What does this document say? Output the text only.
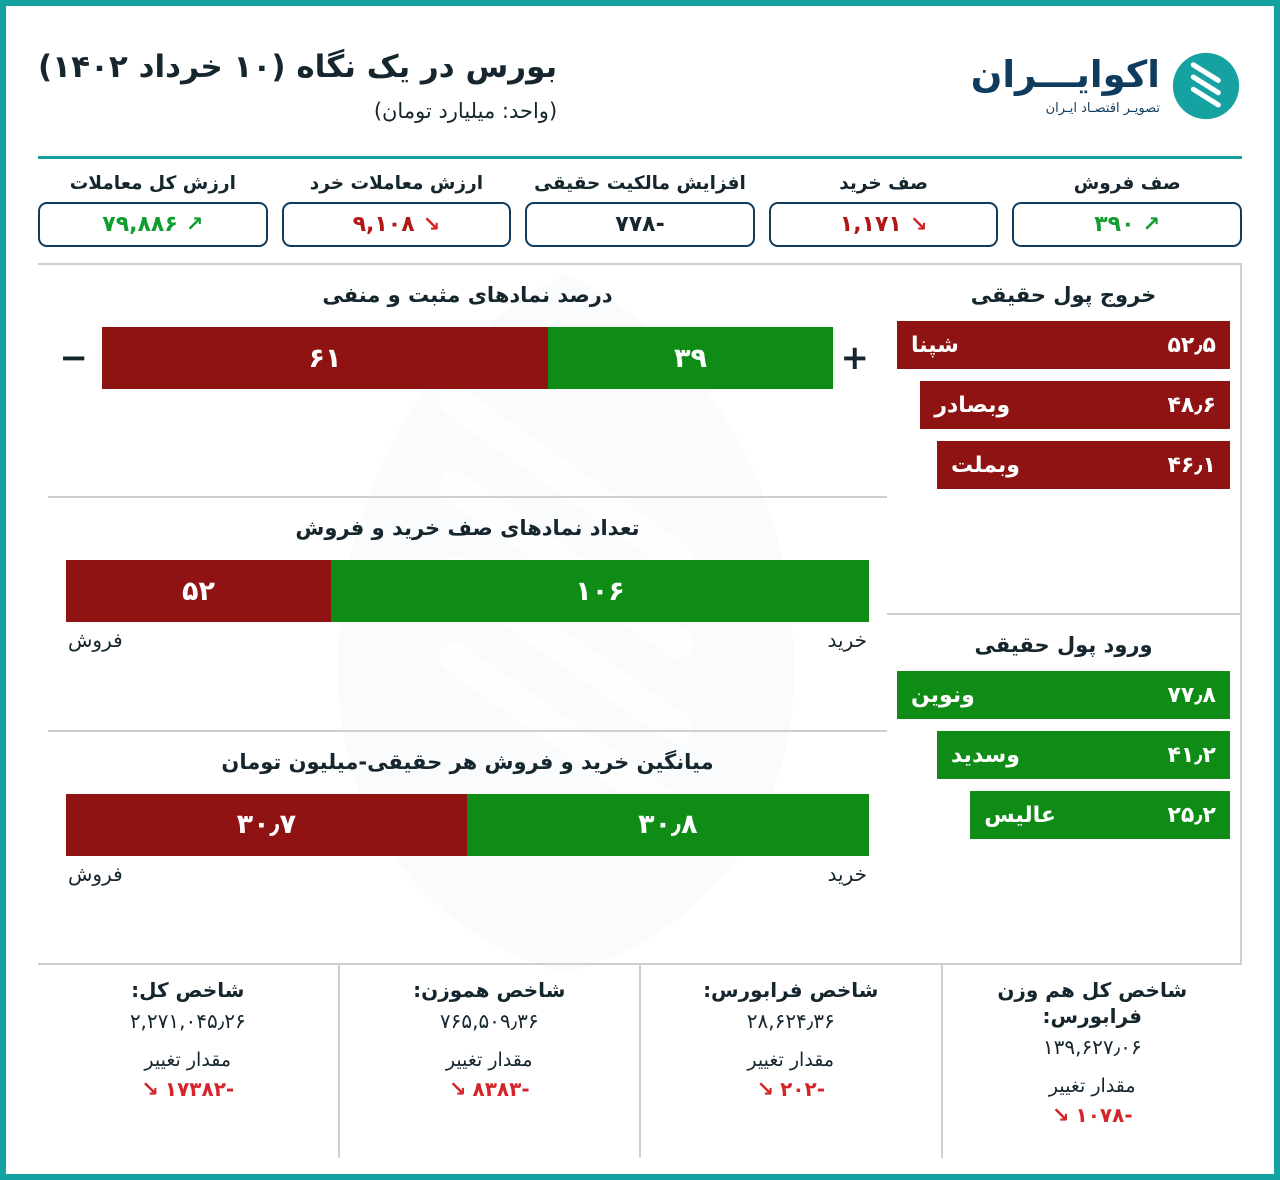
بورس در یک نگاه (۱۰ خرداد ۱۴۰۲)
(واحد: میلیارد تومان)
اکوایـــران
تصویـر اقتصـاد ایـران
صف فروش
↗
۳۹۰
صف خرید
↘
۱,۱۷۱
افزایش مالکیت حقیقی
-۷۷۸
ارزش معاملات خرد
↘
۹,۱۰۸
ارزش کل معاملات
↗
۷۹,۸۸۶
خروج پول حقیقی
۵۲٫۵
شپنا
۴۸٫۶
وبصادر
۴۶٫۱
وبملت
ورود پول حقیقی
۷۷٫۸
ونوین
۴۱٫۲
وسدید
۲۵٫۲
عالیس
درصد نمادهای مثبت و منفی
+
۳۹
۶۱
−
تعداد نمادهای صف خرید و فروش
۱۰۶
۵۲
خرید
فروش
میانگین خرید و فروش هر حقیقی-میلیون تومان
۳۰٫۸
۳۰٫۷
خرید
فروش
شاخص کل هم وزن فرابورس:
۱۳۹,۶۲۷٫۰۶
مقدار تغییر
↘ -۱۰۷۸
شاخص فرابورس:
۲۸,۶۲۴٫۳۶
مقدار تغییر
↘ -۲۰۲
شاخص هموزن:
۷۶۵,۵۰۹٫۳۶
مقدار تغییر
↘ -۸۳۸۳
شاخص کل:
۲,۲۷۱,۰۴۵٫۲۶
مقدار تغییر
↘ -۱۷۳۸۲
